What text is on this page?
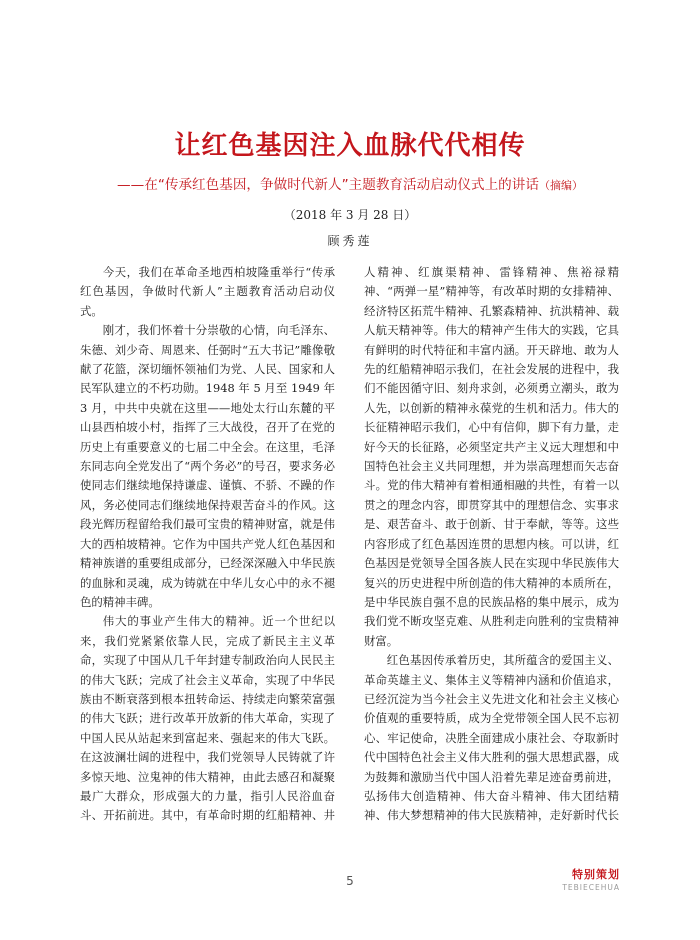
让红色基因注入血脉代代相传
——在“传承红色基因，争做时代新人”主题教育活动启动仪式上的讲话（摘编）
（2018 年 3 月 28 日）
顾秀莲

今天，我们在革命圣地西柏坡隆重举行“传承红色基因，争做时代新人”主题教育活动启动仪式。

刚才，我们怀着十分崇敬的心情，向毛泽东、朱德、刘少奇、周恩来、任弼时“五大书记”雕像敬献了花篮，深切缅怀领袖们为党、人民、国家和人民军队建立的不朽功勋。1948 年 5 月至 1949 年 3 月，中共中央就在这里——地处太行山东麓的平山县西柏坡小村，指挥了三大战役，召开了在党的历史上有重要意义的七届二中全会。在这里，毛泽东同志向全党发出了“两个务必”的号召，要求务必使同志们继续地保持谦虚、谨慎、不骄、不躁的作风，务必使同志们继续地保持艰苦奋斗的作风。这段光辉历程留给我们最可宝贵的精神财富，就是伟大的西柏坡精神。它作为中国共产党人红色基因和精神族谱的重要组成部分，已经深深融入中华民族的血脉和灵魂，成为铸就在中华儿女心中的永不褪色的精神丰碑。

伟大的事业产生伟大的精神。近一个世纪以来，我们党紧紧依靠人民，完成了新民主主义革命，实现了中国从几千年封建专制政治向人民民主的伟大飞跃；完成了社会主义革命，实现了中华民族由不断衰落到根本扭转命运、持续走向繁荣富强的伟大飞跃；进行改革开放新的伟大革命，实现了中国人民从站起来到富起来、强起来的伟大飞跃。在这波澜壮阔的进程中，我们党领导人民铸就了许多惊天地、泣鬼神的伟大精神，由此去感召和凝聚最广大群众，形成强大的力量，指引人民浴血奋斗、开拓前进。其中，有革命时期的红船精神、井

人精神、红旗渠精神、雷锋精神、焦裕禄精神、“两弹一星”精神等，有改革时期的女排精神、经济特区拓荒牛精神、孔繁森精神、抗洪精神、载人航天精神等。伟大的精神产生伟大的实践，它具有鲜明的时代特征和丰富内涵。开天辟地、敢为人先的红船精神昭示我们，在社会发展的进程中，我们不能因循守旧、刻舟求剑，必须勇立潮头，敢为人先，以创新的精神永葆党的生机和活力。伟大的长征精神昭示我们，心中有信仰，脚下有力量，走好今天的长征路，必须坚定共产主义远大理想和中国特色社会主义共同理想，并为崇高理想而矢志奋斗。党的伟大精神有着相通相融的共性，有着一以贯之的理念内容，即贯穿其中的理想信念、实事求是、艰苦奋斗、敢于创新、甘于奉献，等等。这些内容形成了红色基因连贯的思想内核。可以讲，红色基因是党领导全国各族人民在实现中华民族伟大复兴的历史进程中所创造的伟大精神的本质所在，是中华民族自强不息的民族品格的集中展示，成为我们党不断攻坚克难、从胜利走向胜利的宝贵精神财富。

红色基因传承着历史，其所蕴含的爱国主义、革命英雄主义、集体主义等精神内涵和价值追求，已经沉淀为当今社会主义先进文化和社会主义核心价值观的重要特质，成为全党带领全国人民不忘初心、牢记使命，决胜全面建成小康社会、夺取新时代中国特色社会主义伟大胜利的强大思想武器，成为鼓舞和激励当代中国人沿着先辈足迹奋勇前进，弘扬伟大创造精神、伟大奋斗精神、伟大团结精神、伟大梦想精神的伟大民族精神，走好新时代长

5	特别策划
TEBIECEHUA
